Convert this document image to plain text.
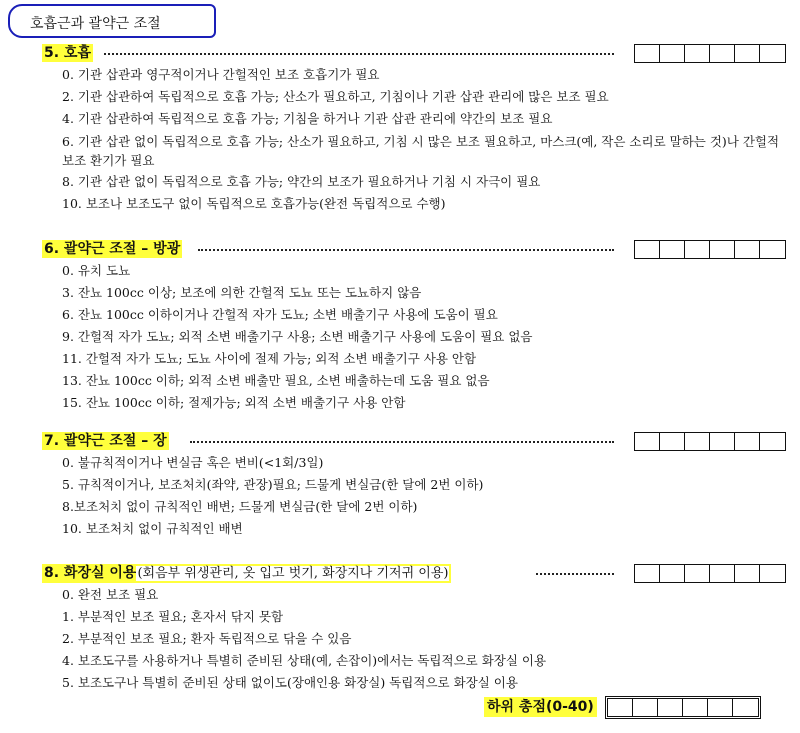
호흡근과 괄약근 조절
5. 호흡
0. 기관 삽관과 영구적이거나 간헐적인 보조 호흡기가 필요
2. 기관 삽관하여 독립적으로 호흡 가능; 산소가 필요하고, 기침이나 기관 삽관 관리에 많은 보조 필요
4. 기관 삽관하여 독립적으로 호흡 가능; 기침을 하거나 기관 삽관 관리에 약간의 보조 필요
6. 기관 삽관 없이 독립적으로 호흡 가능; 산소가 필요하고, 기침 시 많은 보조 필요하고, 마스크(예, 작은 소리로 말하는 것)나 간헐적 보조 환기가 필요
8. 기관 삽관 없이 독립적으로 호흡 가능; 약간의 보조가 필요하거나 기침 시 자극이 필요
10. 보조나 보조도구 없이 독립적으로 호흡가능(완전 독립적으로 수행)
6. 괄약근 조절 – 방광
0. 유치 도뇨
3. 잔뇨 100cc 이상; 보조에 의한 간헐적 도뇨 또는 도뇨하지 않음
6. 잔뇨 100cc 이하이거나 간헐적 자가 도뇨; 소변 배출기구 사용에 도움이 필요
9. 간헐적 자가 도뇨; 외적 소변 배출기구 사용; 소변 배출기구 사용에 도움이 필요 없음
11. 간헐적 자가 도뇨; 도뇨 사이에 절제 가능; 외적 소변 배출기구 사용 안함
13. 잔뇨 100cc 이하; 외적 소변 배출만 필요, 소변 배출하는데 도움 필요 없음
15. 잔뇨 100cc 이하; 절제가능; 외적 소변 배출기구 사용 안함
7. 괄약근 조절 – 장
0. 불규칙적이거나 변실금 혹은 변비(<1회/3일)
5. 규칙적이거나, 보조처치(좌약, 관장)필요; 드물게 변실금(한 달에 2번 이하)
8.보조처치 없이 규칙적인 배변; 드물게 변실금(한 달에 2번 이하)
10. 보조처치 없이 규칙적인 배변
8. 화장실 이용(회음부 위생관리, 옷 입고 벗기, 화장지나 기저귀 이용)
0. 완전 보조 필요
1. 부분적인 보조 필요; 혼자서 닦지 못함
2. 부분적인 보조 필요; 환자 독립적으로 닦을 수 있음
4. 보조도구를 사용하거나 특별히 준비된 상태(예, 손잡이)에서는 독립적으로 화장실 이용
5. 보조도구나 특별히 준비된 상태 없이도(장애인용 화장실) 독립적으로 화장실 이용
하위 총점(0-40)
